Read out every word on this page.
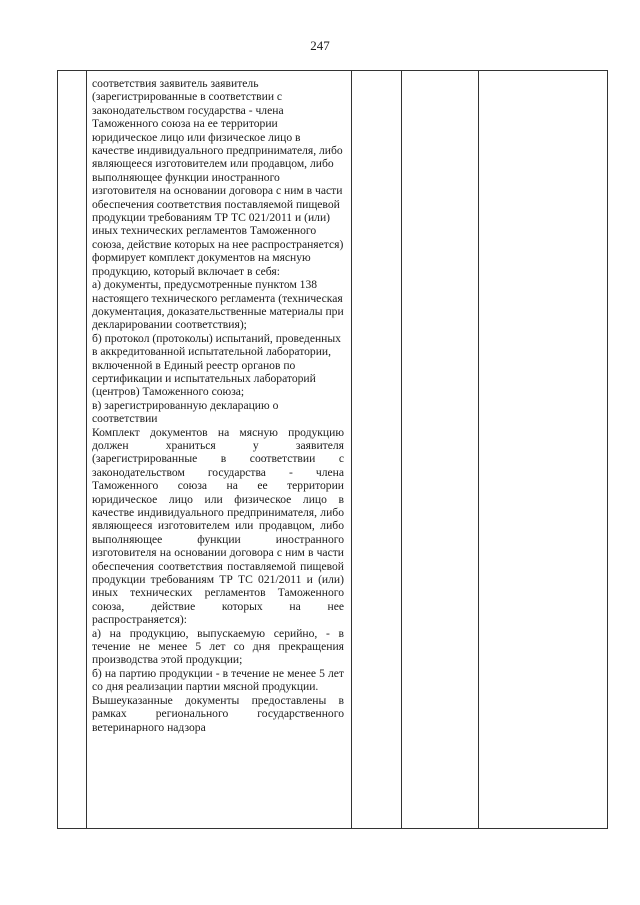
247

соответствия заявитель заявитель (зарегистрированные в соответствии с законодательством государства - члена Таможенного союза на ее территории юридическое лицо или физическое лицо в качестве индивидуального предпринимателя, либо являющееся изготовителем или продавцом, либо выполняющее функции иностранного изготовителя на основании договора с ним в части обеспечения соответствия поставляемой пищевой продукции требованиям ТР ТС 021/2011 и (или) иных технических регламентов Таможенного союза, действие которых на нее распространяется) формирует комплект документов на мясную продукцию, который включает в себя:

а) документы, предусмотренные пунктом 138 настоящего технического регламента (техническая документация, доказательственные материалы при декларировании соответствия);

б) протокол (протоколы) испытаний, проведенных в аккредитованной испытательной лаборатории, включенной в Единый реестр органов по сертификации и испытательных лабораторий (центров) Таможенного союза;

в) зарегистрированную декларацию о соответствии

Комплект документов на мясную продукцию должен храниться у заявителя (зарегистрированные в соответствии с законодательством государства - члена Таможенного союза на ее территории юридическое лицо или физическое лицо в качестве индивидуального предпринимателя, либо являющееся изготовителем или продавцом, либо выполняющее функции иностранного изготовителя на основании договора с ним в части обеспечения соответствия поставляемой пищевой продукции требованиям ТР ТС 021/2011 и (или) иных технических регламентов Таможенного союза, действие которых на нее распространяется):

а) на продукцию, выпускаемую серийно, - в течение не менее 5 лет со дня прекращения производства этой продукции;

б) на партию продукции - в течение не менее 5 лет со дня реализации партии мясной продукции.

Вышеуказанные документы предоставлены в рамках регионального государственного ветеринарного надзора
